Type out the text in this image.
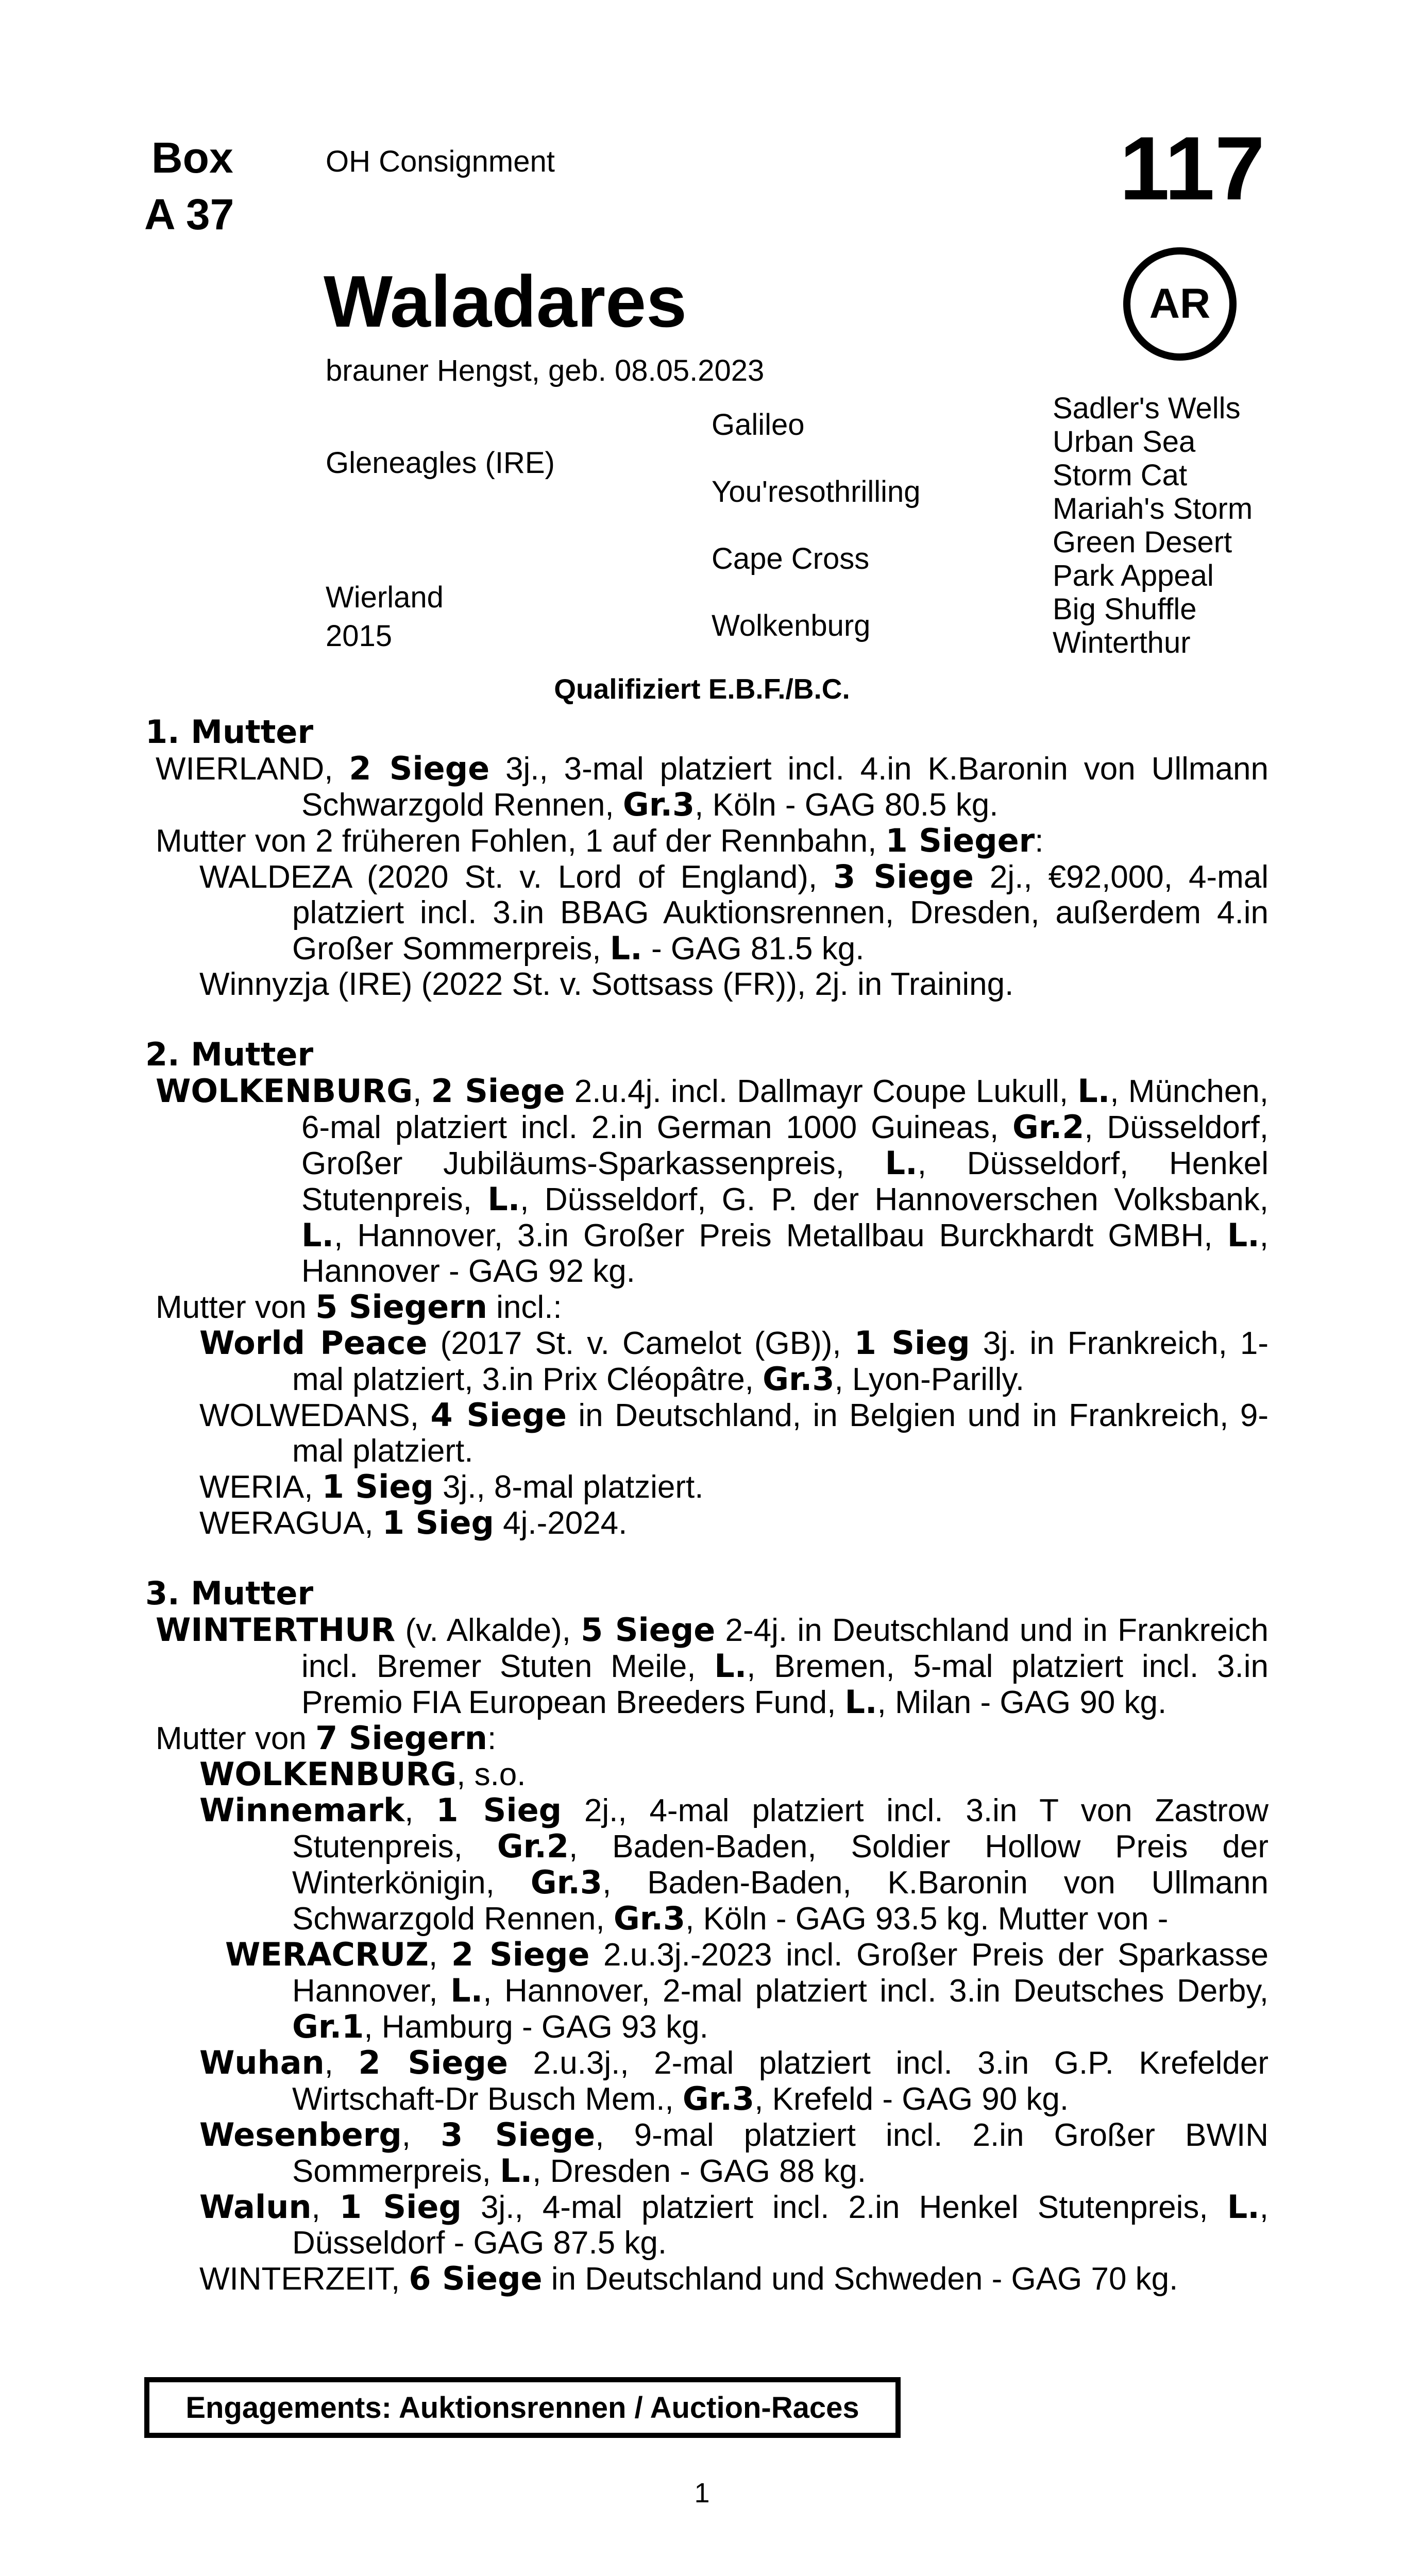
Box
A 37
OH Consignment	117
AR
Waladares
brauner Hengst, geb. 08.05.2023
Gleneagles (IRE)
Wierland
2015
Galileo
You'resothrilling
Cape Cross
Wolkenburg
Sadler's Wells
Urban Sea
Storm Cat
Mariah's Storm
Green Desert
Park Appeal
Big Shuffle
Winterthur
Qualifiziert E.B.F./B.C.
1. Mutter
WIERLAND, 2 Siege 3j., 3-mal platziert incl. 4.in K.Baronin von Ullmann Schwarzgold Rennen, Gr.3, Köln - GAG 80.5 kg.
Mutter von 2 früheren Fohlen, 1 auf der Rennbahn, 1 Sieger:
WALDEZA (2020 St. v. Lord of England), 3 Siege 2j., €92,000, 4-mal platziert incl. 3.in BBAG Auktionsrennen, Dresden, außerdem 4.in Großer Sommerpreis, L. - GAG 81.5 kg.
Winnyzja (IRE) (2022 St. v. Sottsass (FR)), 2j. in Training.
2. Mutter
WOLKENBURG, 2 Siege 2.u.4j. incl. Dallmayr Coupe Lukull, L., München, 6-mal platziert incl. 2.in German 1000 Guineas, Gr.2, Düsseldorf, Großer Jubiläums-Sparkassenpreis, L., Düsseldorf, Henkel Stutenpreis, L., Düsseldorf, G. P. der Hannoverschen Volksbank, L., Hannover, 3.in Großer Preis Metallbau Burckhardt GMBH, L., Hannover - GAG 92 kg.
Mutter von 5 Siegern incl.:
World Peace (2017 St. v. Camelot (GB)), 1 Sieg 3j. in Frankreich, 1-mal platziert, 3.in Prix Cléopâtre, Gr.3, Lyon-Parilly.
WOLWEDANS, 4 Siege in Deutschland, in Belgien und in Frankreich, 9-mal platziert.
WERIA, 1 Sieg 3j., 8-mal platziert.
WERAGUA, 1 Sieg 4j.-2024.
3. Mutter
WINTERTHUR (v. Alkalde), 5 Siege 2-4j. in Deutschland und in Frankreich incl. Bremer Stuten Meile, L., Bremen, 5-mal platziert incl. 3.in Premio FIA European Breeders Fund, L., Milan - GAG 90 kg.
Mutter von 7 Siegern:
WOLKENBURG, s.o.
Winnemark, 1 Sieg 2j., 4-mal platziert incl. 3.in T von Zastrow Stutenpreis, Gr.2, Baden-Baden, Soldier Hollow Preis der Winterkönigin, Gr.3, Baden-Baden, K.Baronin von Ullmann Schwarzgold Rennen, Gr.3, Köln - GAG 93.5 kg. Mutter von -
WERACRUZ, 2 Siege 2.u.3j.-2023 incl. Großer Preis der Sparkasse Hannover, L., Hannover, 2-mal platziert incl. 3.in Deutsches Derby, Gr.1, Hamburg - GAG 93 kg.
Wuhan, 2 Siege 2.u.3j., 2-mal platziert incl. 3.in G.P. Krefelder Wirtschaft-Dr Busch Mem., Gr.3, Krefeld - GAG 90 kg.
Wesenberg, 3 Siege, 9-mal platziert incl. 2.in Großer BWIN Sommerpreis, L., Dresden - GAG 88 kg.
Walun, 1 Sieg 3j., 4-mal platziert incl. 2.in Henkel Stutenpreis, L., Düsseldorf - GAG 87.5 kg.
WINTERZEIT, 6 Siege in Deutschland und Schweden - GAG 70 kg.
Engagements: Auktionsrennen / Auction-Races
1
